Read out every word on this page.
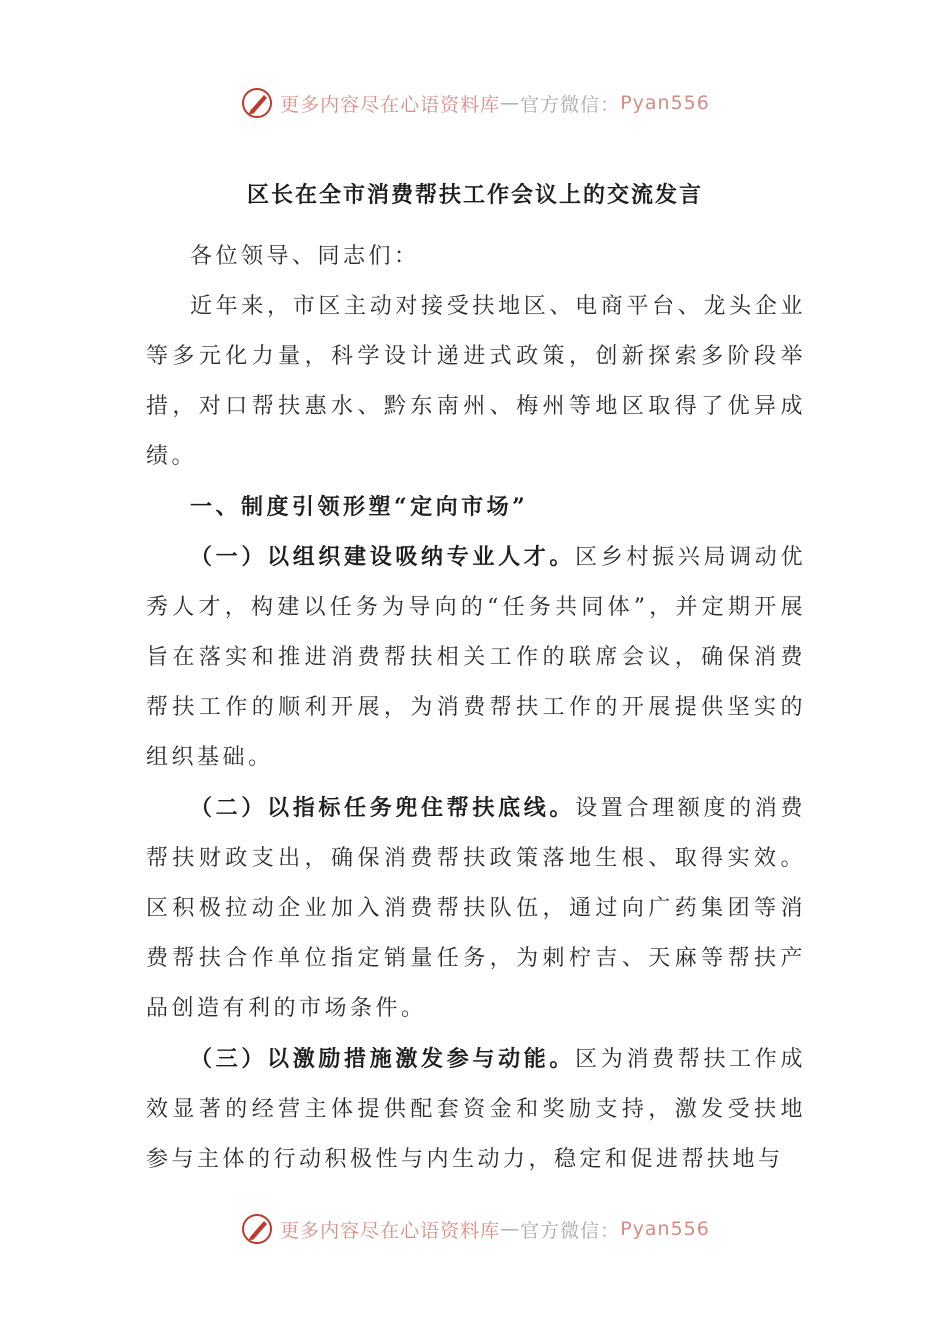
更多内容尽在心语资料库 — 官方微信： Pyan556
区长在全市消费帮扶工作会议上的交流发言

各位领导、同志们：

近年来，市区主动对接受扶地区、电商平台、龙头企业等多元化力量，科学设计递进式政策，创新探索多阶段举措，对口帮扶惠水、黔东南州、梅州等地区取得了优异成绩。

一、制度引领形塑“定向市场”

（一）以组织建设吸纳专业人才。区乡村振兴局调动优秀人才，构建以任务为导向的“任务共同体”，并定期开展旨在落实和推进消费帮扶相关工作的联席会议，确保消费帮扶工作的顺利开展，为消费帮扶工作的开展提供坚实的组织基础。

（二）以指标任务兜住帮扶底线。设置合理额度的消费帮扶财政支出，确保消费帮扶政策落地生根、取得实效。区积极拉动企业加入消费帮扶队伍，通过向广药集团等消费帮扶合作单位指定销量任务，为刺柠吉、天麻等帮扶产品创造有利的市场条件。

（三）以激励措施激发参与动能。区为消费帮扶工作成效显著的经营主体提供配套资金和奖励支持，激发受扶地参与主体的行动积极性与内生动力，稳定和促进帮扶地与

更多内容尽在心语资料库 — 官方微信： Pyan556
